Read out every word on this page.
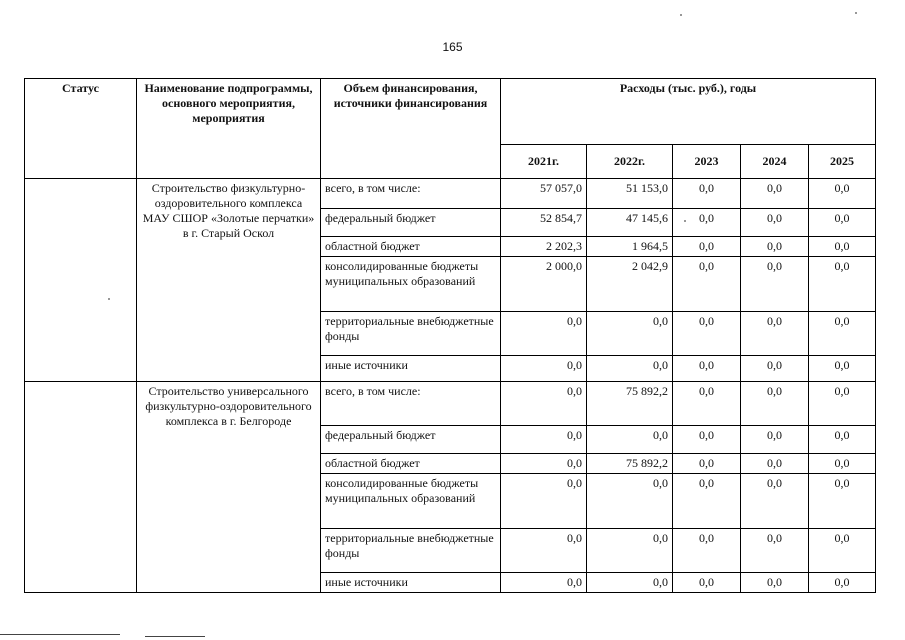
165
Статус	Наименование подпрограммы, основного мероприятия, мероприятия	Объем финансирования, источники финансирования	Расходы (тыс. руб.), годы				
			2021г.	2022г.	2023	2024	2025
	Строительство физкультурно-оздоровительного комплекса МАУ СШОР «Золотые перчатки» в г. Старый Оскол	всего, в том числе:	57 057,0	51 153,0	0,0	0,0	0,0
		федеральный бюджет	52 854,7	47 145,6	0,0	0,0	0,0
		областной бюджет	2 202,3	1 964,5	0,0	0,0	0,0
		консолидированные бюджеты муниципальных образований	2 000,0	2 042,9	0,0	0,0	0,0
		территориальные внебюджетные фонды	0,0	0,0	0,0	0,0	0,0
		иные источники	0,0	0,0	0,0	0,0	0,0
	Строительство универсального физкультурно-оздоровительного комплекса в г. Белгороде	всего, в том числе:	0,0	75 892,2	0,0	0,0	0,0
		федеральный бюджет	0,0	0,0	0,0	0,0	0,0
		областной бюджет	0,0	75 892,2	0,0	0,0	0,0
		консолидированные бюджеты муниципальных образований	0,0	0,0	0,0	0,0	0,0
		территориальные внебюджетные фонды	0,0	0,0	0,0	0,0	0,0
		иные источники	0,0	0,0	0,0	0,0	0,0
